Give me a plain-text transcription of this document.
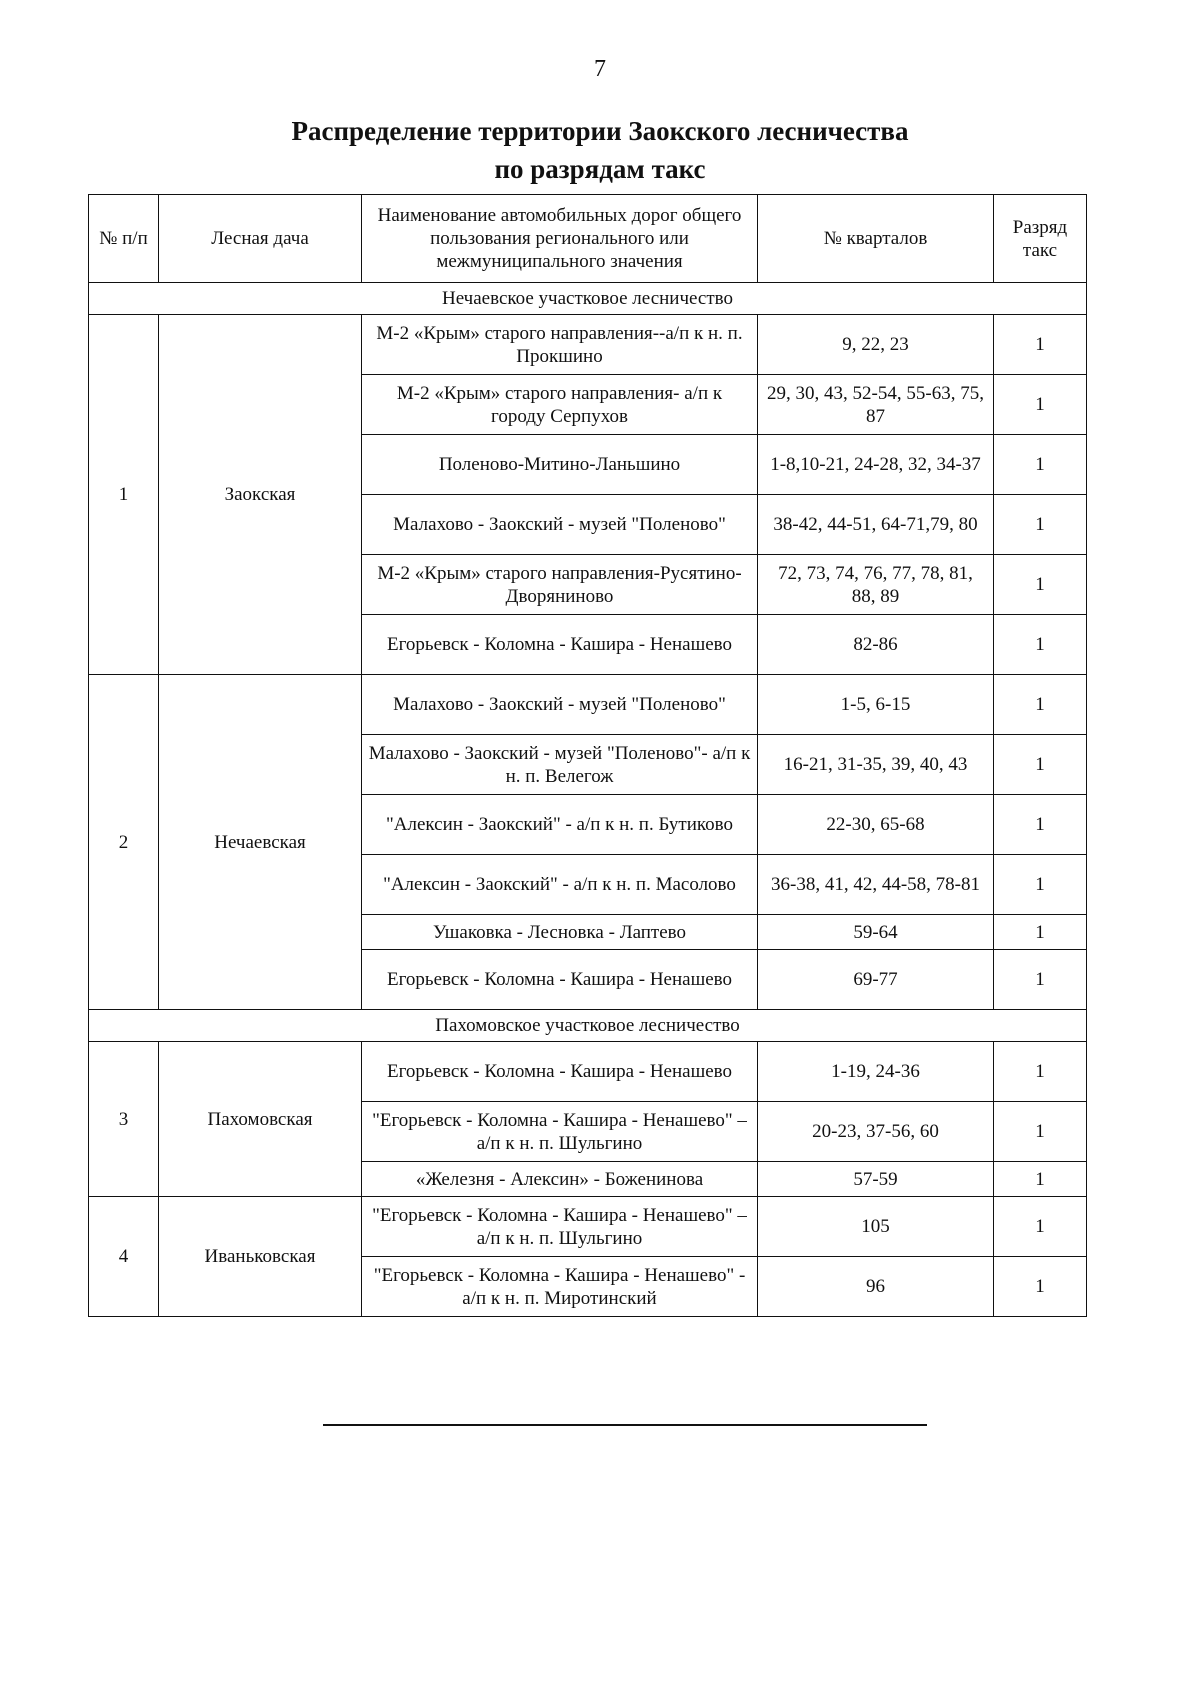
7
Распределение территории Заокского лесничества
по разрядам такс
№ п/п	Лесная дача	Наименование автомобильных дорог общего пользования регионального или межмуниципального значения	№ кварталов	Разряд такс
Нечаевское участковое лесничество				
1	Заокская	М-2 «Крым» старого направления--а/п к н. п. Прокшино	9, 22, 23	1
		М-2 «Крым» старого направления- а/п к городу Серпухов	29, 30, 43, 52-54, 55-63, 75, 87	1
		Поленово-Митино-Ланьшино	1-8,10-21, 24-28, 32, 34-37	1
		Малахово - Заокский - музей "Поленово"	38-42, 44-51, 64-71,79, 80	1
		М-2 «Крым» старого направления-Русятино-Дворяниново	72, 73, 74, 76, 77, 78, 81, 88, 89	1
		Егорьевск - Коломна - Кашира - Ненашево	82-86	1
2	Нечаевская	Малахово - Заокский - музей "Поленово"	1-5, 6-15	1
		Малахово - Заокский - музей "Поленово"- а/п к н. п. Велегож	16-21, 31-35, 39, 40, 43	1
		"Алексин - Заокский" - а/п к н. п. Бутиково	22-30, 65-68	1
		"Алексин - Заокский" - а/п к н. п. Масолово	36-38, 41, 42, 44-58, 78-81	1
		Ушаковка - Лесновка - Лаптево	59-64	1
		Егорьевск - Коломна - Кашира - Ненашево	69-77	1
Пахомовское участковое лесничество				
3	Пахомовская	Егорьевск - Коломна - Кашира - Ненашево	1-19, 24-36	1
		"Егорьевск - Коломна - Кашира - Ненашево" – а/п к н. п. Шульгино	20-23, 37-56, 60	1
		«Железня - Алексин» - Боженинова	57-59	1
4	Иваньковская	"Егорьевск - Коломна - Кашира - Ненашево" – а/п к н. п. Шульгино	105	1
		"Егорьевск - Коломна - Кашира - Ненашево" - а/п к н. п. Миротинский	96	1
